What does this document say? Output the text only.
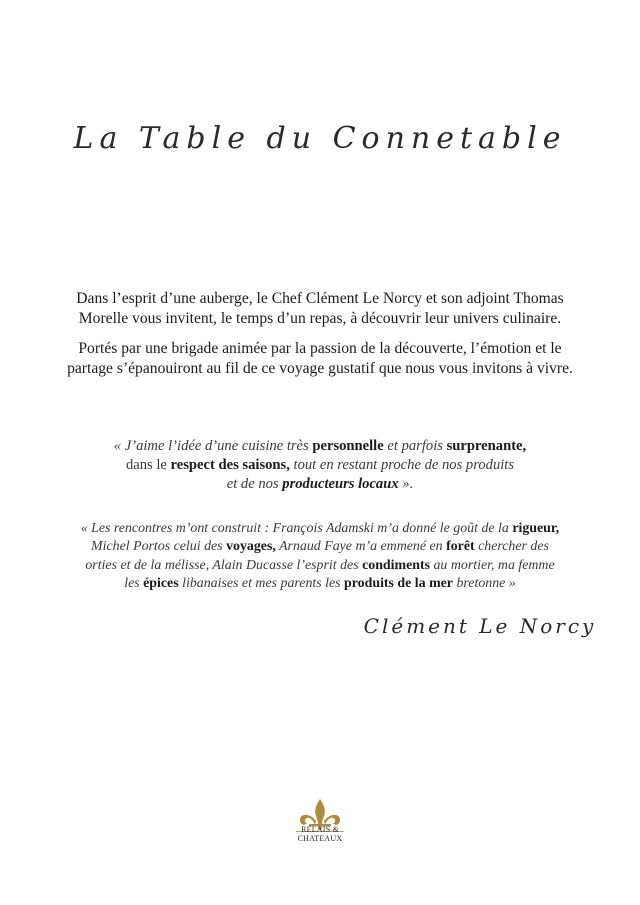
La Table du Connetable
Dans l’esprit d’une auberge, le Chef Clément Le Norcy et son adjoint Thomas Morelle vous invitent, le temps d’un repas, à découvrir leur univers culinaire.
Portés par une brigade animée par la passion de la découverte, l’émotion et le partage s’épanouiront au fil de ce voyage gustatif que nous vous invitons à vivre.
« J’aime l’idée d’une cuisine très personnelle et parfois surprenante,
dans le respect des saisons, tout en restant proche de nos produits
et de nos producteurs locaux ».
« Les rencontres m’ont construit : François Adamski m’a donné le goût de la rigueur, Michel Portos celui des voyages, Arnaud Faye m’a emmené en forêt chercher des orties et de la mélisse, Alain Ducasse l’esprit des condiments au mortier, ma femme les épices libanaises et mes parents les produits de la mer bretonne »
Clément Le Norcy
RELAIS &
CHATEAUX
